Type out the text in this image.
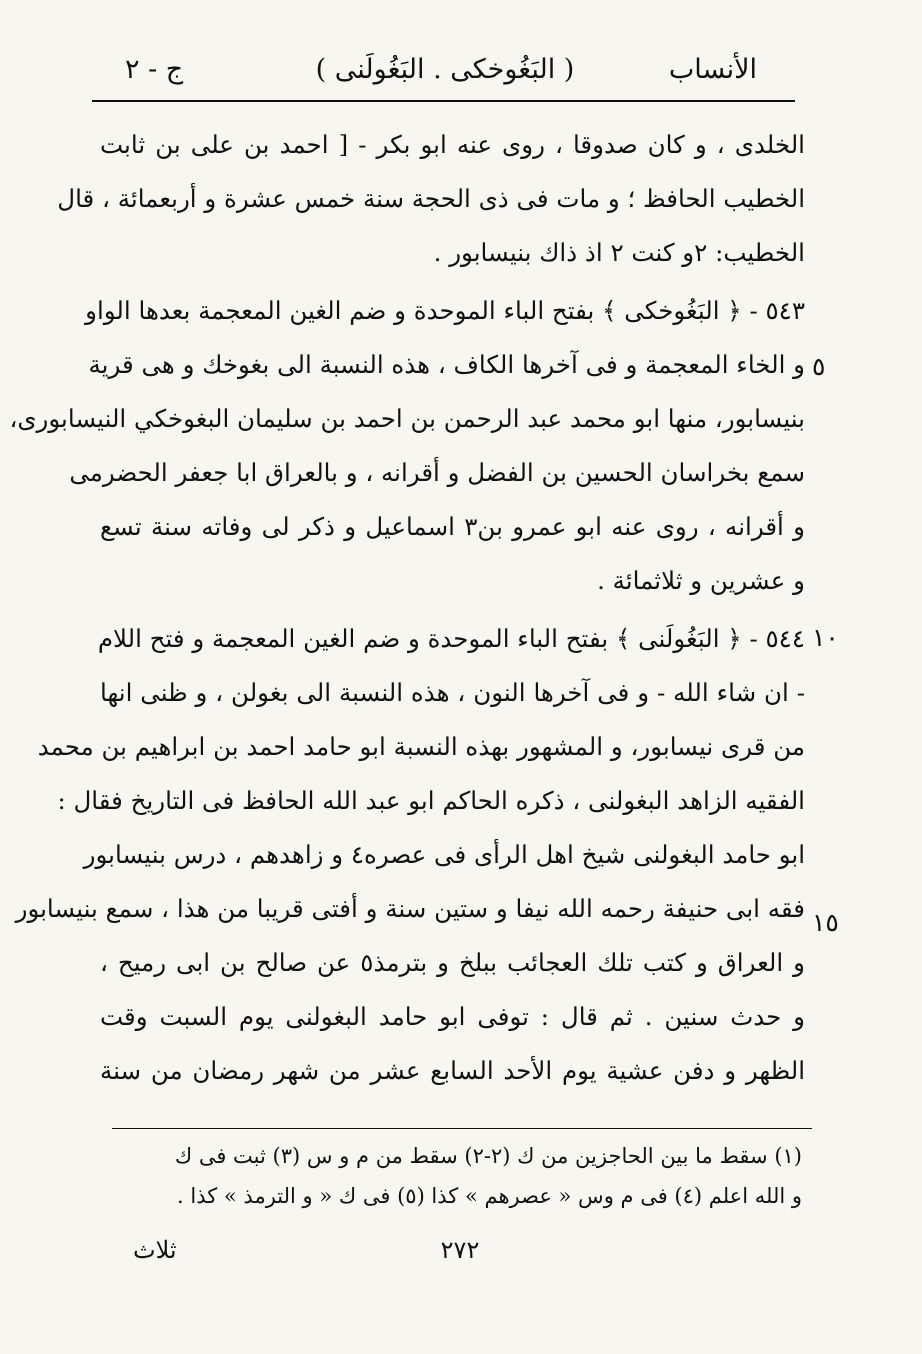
الأنساب
( البَغُوخكى . البَغُولَنى )
ج - ٢
الخلدى ، و كان صدوقا ، روى عنه ابو بكر - [ احمد بن على بن ثابت
الخطيب الحافظ ؛ و مات فى ذى الحجة سنة خمس عشرة و أربعمائة ، قال
الخطيب: ٢و كنت ٢ اذ ذاك بنيسابور .
٥٤٣ - ﴿ البَغُوخكى ﴾ بفتح الباء الموحدة و ضم الغين المعجمة بعدها الواو
و الخاء المعجمة و فى آخرها الكاف ، هذه النسبة الى بغوخك و هى قرية
بنيسابور، منها ابو محمد عبد الرحمن بن احمد بن سليمان البغوخكي النيسابورى،
سمع بخراسان الحسين بن الفضل و أقرانه ، و بالعراق ابا جعفر الحضرمى
و أقرانه ، روى عنه ابو عمرو بن٣ اسماعيل و ذكر لى وفاته سنة تسع
و عشرين و ثلاثمائة .
٥٤٤ - ﴿ البَغُولَنى ﴾ بفتح الباء الموحدة و ضم الغين المعجمة و فتح اللام
- ان شاء الله - و فى آخرها النون ، هذه النسبة الى بغولن ، و ظنى انها
من قرى نيسابور، و المشهور بهذه النسبة ابو حامد احمد بن ابراهيم بن محمد
الفقيه الزاهد البغولنى ، ذكره الحاكم ابو عبد الله الحافظ فى التاريخ فقال :
ابو حامد البغولنى شيخ اهل الرأى فى عصره٤ و زاهدهم ، درس بنيسابور
فقه ابى حنيفة رحمه الله نيفا و ستين سنة و أفتى قريبا من هذا ، سمع بنيسابور
و العراق و كتب تلك العجائب ببلخ و بترمذ٥ عن صالح بن ابى رميح ،
و حدث سنين . ثم قال : توفى ابو حامد البغولنى يوم السبت وقت
الظهر و دفن عشية يوم الأحد السابع عشر من شهر رمضان من سنة
٥
١٠
١٥
(١) سقط ما بين الحاجزين من ك (٢-٢) سقط من م و س (٣) ثبت فى ك
و الله اعلم (٤) فى م وس « عصرهم » كذا (٥) فى ك « و الترمذ » كذا .
ثلاث	٢٧٢
